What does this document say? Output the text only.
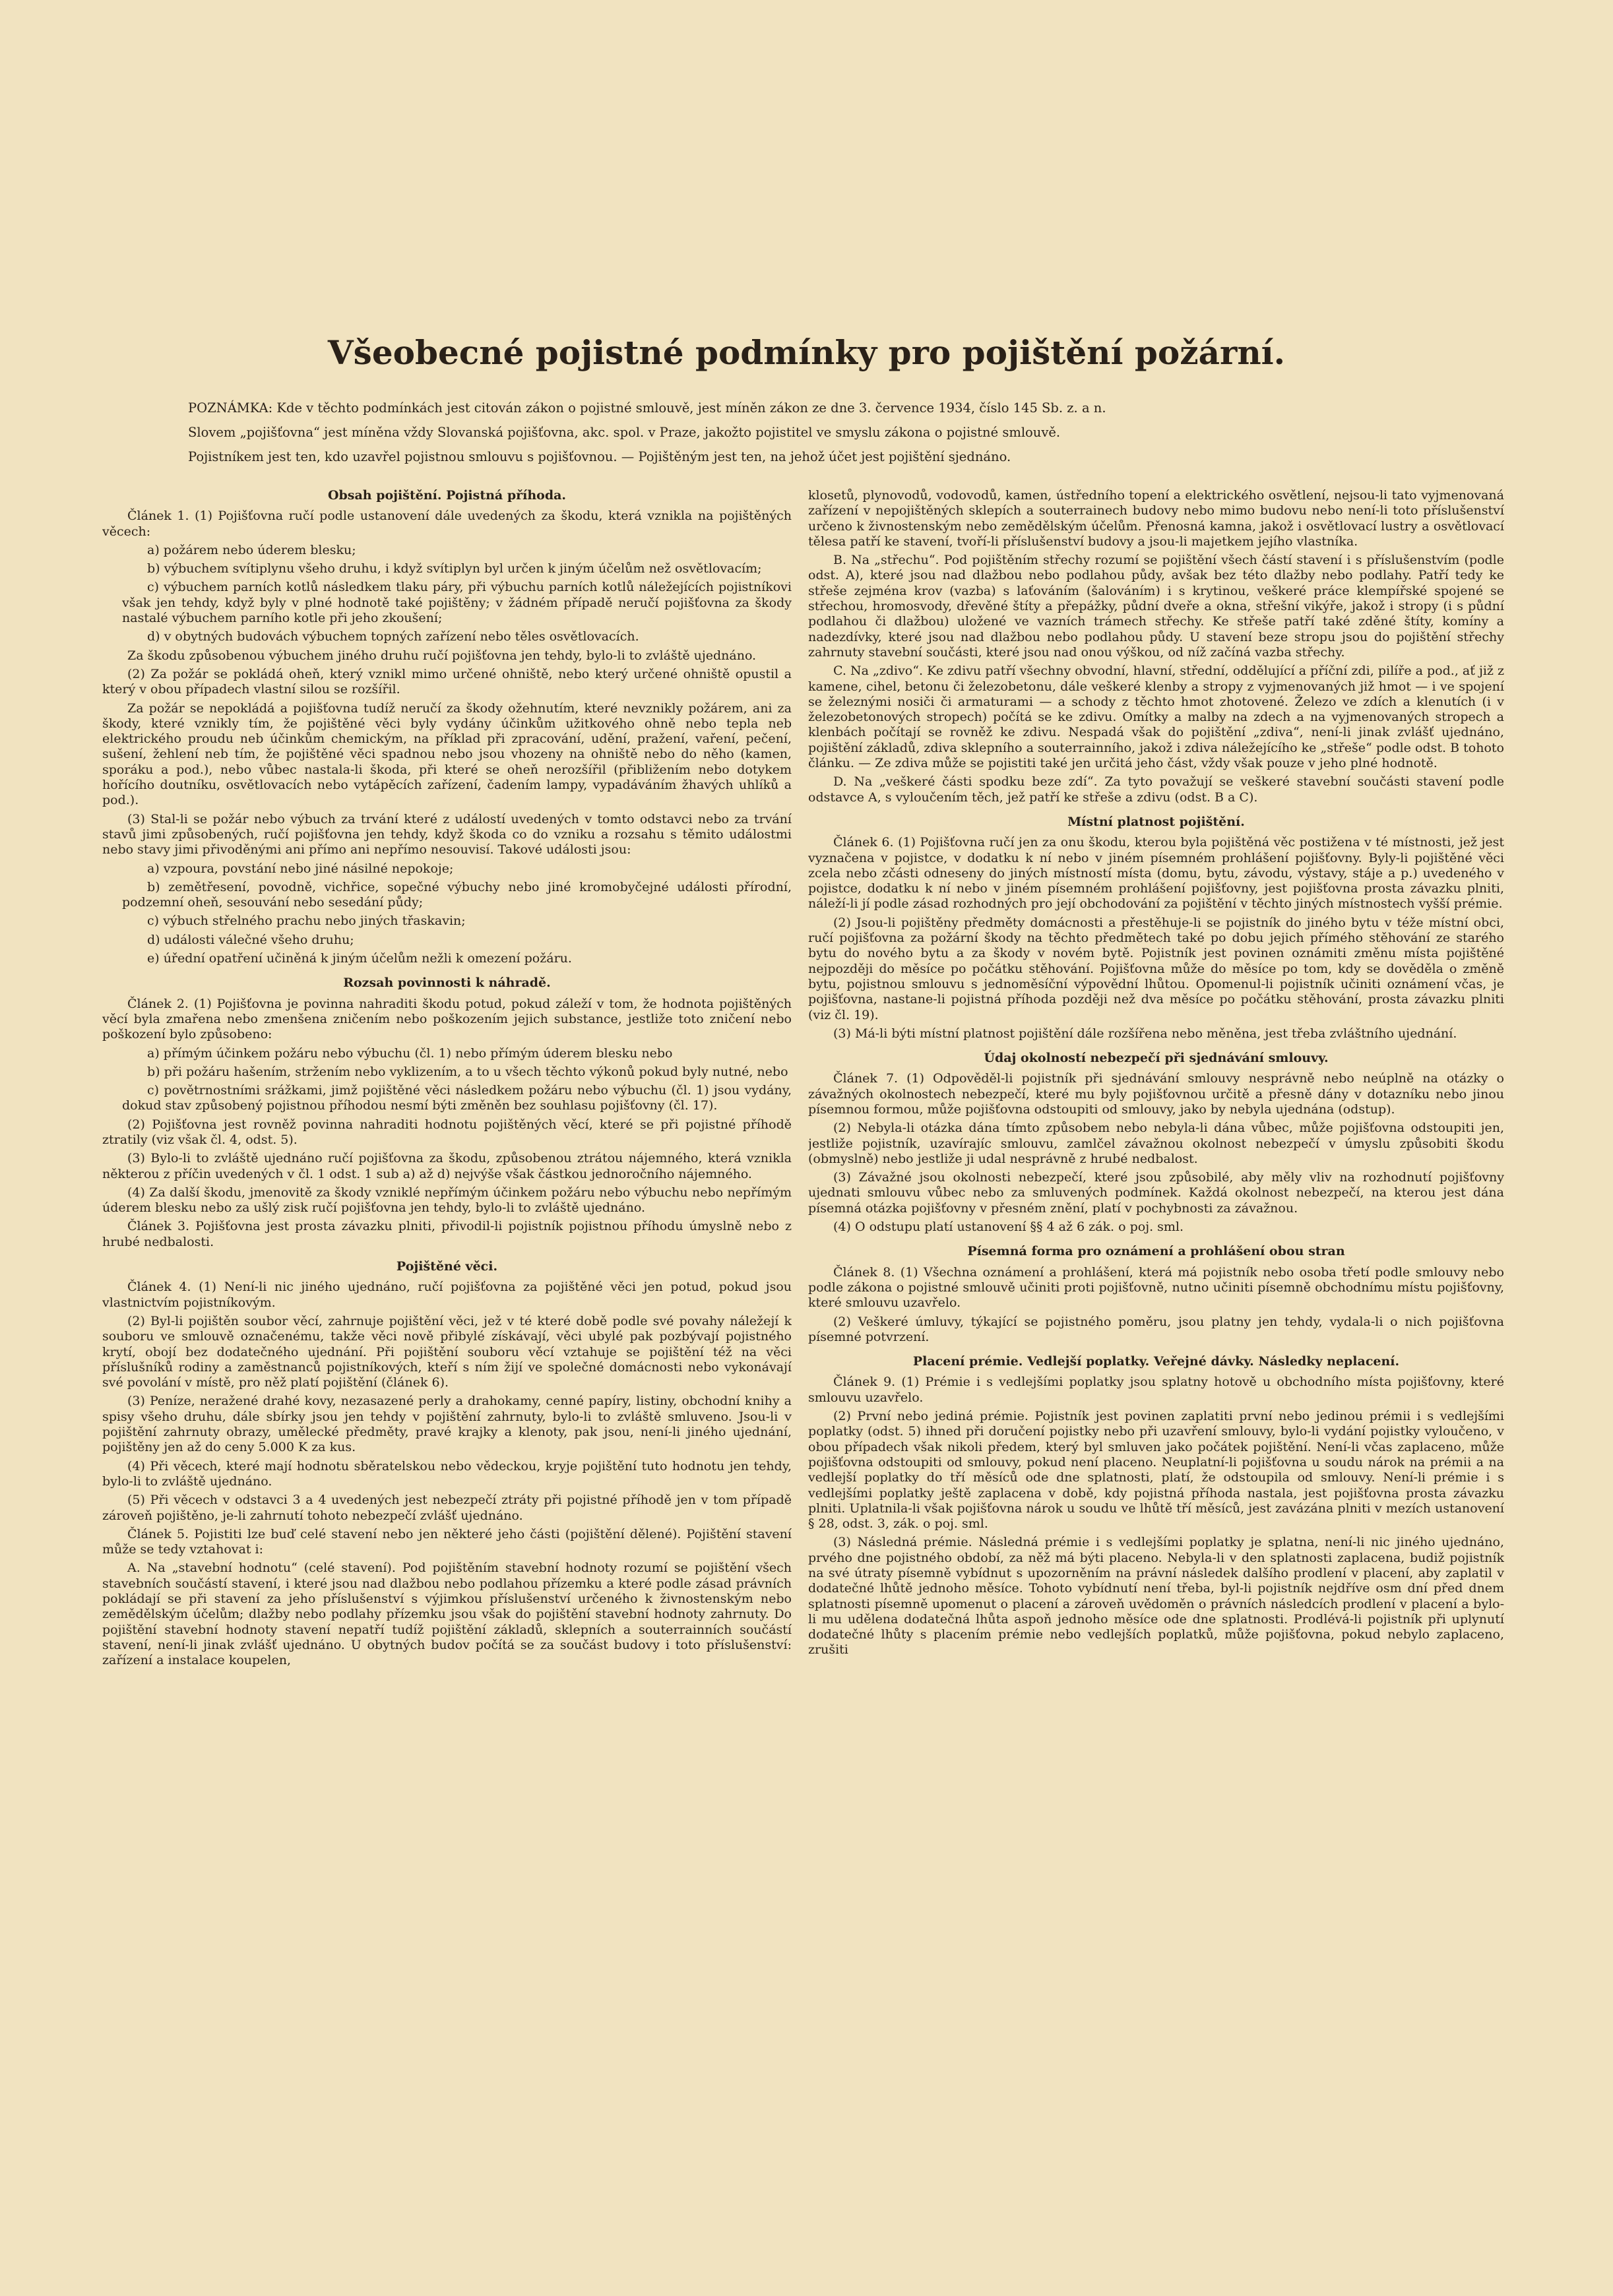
Všeobecné pojistné podmínky pro pojištění požární.
POZNÁMKA: Kde v těchto podmínkách jest citován zákon o pojistné smlouvě, jest míněn zákon ze dne 3. července 1934, číslo 145 Sb. z. a n.
Slovem „pojišťovna“ jest míněna vždy Slovanská pojišťovna, akc. spol. v Praze, jakožto pojistitel ve smyslu zákona o pojistné smlouvě.
Pojistníkem jest ten, kdo uzavřel pojistnou smlouvu s pojišťovnou. — Pojištěným jest ten, na jehož účet jest pojištění sjednáno.
Obsah pojištění. Pojistná příhoda.
Článek 1. (1) Pojišťovna ručí podle ustanovení dále uvedených za škodu, která vznikla na pojištěných věcech:
a) požárem nebo úderem blesku;
b) výbuchem svítiplynu všeho druhu, i když svítiplyn byl určen k jiným účelům než osvětlovacím;
c) výbuchem parních kotlů následkem tlaku páry, při výbuchu parních kotlů náležejících pojistníkovi však jen tehdy, když byly v plné hodnotě také pojištěny; v žádném případě neručí pojišťovna za škody nastalé výbuchem parního kotle při jeho zkoušení;
d) v obytných budovách výbuchem topných zařízení nebo těles osvětlovacích.
Za škodu způsobenou výbuchem jiného druhu ručí pojišťovna jen tehdy, bylo-li to zvláště ujednáno.
(2) Za požár se pokládá oheň, který vznikl mimo určené ohniště, nebo který určené ohniště opustil a který v obou případech vlastní silou se rozšířil.
Za požár se nepokládá a pojišťovna tudíž neručí za škody ožehnutím, které nevznikly požárem, ani za škody, které vznikly tím, že pojištěné věci byly vydány účinkům užitkového ohně nebo tepla neb elektrického proudu neb účinkům chemickým, na příklad při zpracování, udění, pražení, vaření, pečení, sušení, žehlení neb tím, že pojištěné věci spadnou nebo jsou vhozeny na ohniště nebo do něho (kamen, sporáku a pod.), nebo vůbec nastala-li škoda, při které se oheň nerozšířil (přibližením nebo dotykem hořícího doutníku, osvětlovacích nebo vytápěcích zařízení, čadením lampy, vypadáváním žhavých uhlíků a pod.).
(3) Stal-li se požár nebo výbuch za trvání které z událostí uvedených v tomto odstavci nebo za trvání stavů jimi způsobených, ručí pojišťovna jen tehdy, když škoda co do vzniku a rozsahu s těmito událostmi nebo stavy jimi přivoděnými ani přímo ani nepřímo nesouvisí. Takové události jsou:
a) vzpoura, povstání nebo jiné násilné nepokoje;
b) zemětřesení, povodně, vichřice, sopečné výbuchy nebo jiné kromobyčejné události přírodní, podzemní oheň, sesouvání nebo sesedání půdy;
c) výbuch střelného prachu nebo jiných třaskavin;
d) události válečné všeho druhu;
e) úřední opatření učiněná k jiným účelům nežli k omezení požáru.
Rozsah povinnosti k náhradě.
Článek 2. (1) Pojišťovna je povinna nahraditi škodu potud, pokud záleží v tom, že hodnota pojištěných věcí byla zmařena nebo zmenšena zničením nebo poškozením jejich substance, jestliže toto zničení nebo poškození bylo způsobeno:
a) přímým účinkem požáru nebo výbuchu (čl. 1) nebo přímým úderem blesku nebo
b) při požáru hašením, stržením nebo vyklizením, a to u všech těchto výkonů pokud byly nutné, nebo
c) povětrnostními srážkami, jimž pojištěné věci následkem požáru nebo výbuchu (čl. 1) jsou vydány, dokud stav způsobený pojistnou příhodou nesmí býti změněn bez souhlasu pojišťovny (čl. 17).
(2) Pojišťovna jest rovněž povinna nahraditi hodnotu pojištěných věcí, které se při pojistné příhodě ztratily (viz však čl. 4, odst. 5).
(3) Bylo-li to zvláště ujednáno ručí pojišťovna za škodu, způsobenou ztrátou nájemného, která vznikla některou z příčin uvedených v čl. 1 odst. 1 sub a) až d) nejvýše však částkou jednoročního nájemného.
(4) Za další škodu, jmenovitě za škody vzniklé nepřímým účinkem požáru nebo výbuchu nebo nepřímým úderem blesku nebo za ušlý zisk ručí pojišťovna jen tehdy, bylo-li to zvláště ujednáno.
Článek 3. Pojišťovna jest prosta závazku plniti, přivodil-li pojistník pojistnou příhodu úmyslně nebo z hrubé nedbalosti.
Pojištěné věci.
Článek 4. (1) Není-li nic jiného ujednáno, ručí pojišťovna za pojištěné věci jen potud, pokud jsou vlastnictvím pojistníkovým.
(2) Byl-li pojištěn soubor věcí, zahrnuje pojištění věci, jež v té které době podle své povahy náležejí k souboru ve smlouvě označenému, takže věci nově přibylé získávají, věci ubylé pak pozbývají pojistného krytí, obojí bez dodatečného ujednání. Při pojištění souboru věcí vztahuje se pojištění též na věci příslušníků rodiny a zaměstnanců pojistníkových, kteří s ním žijí ve společné domácnosti nebo vykonávají své povolání v místě, pro něž platí pojištění (článek 6).
(3) Peníze, neražené drahé kovy, nezasazené perly a drahokamy, cenné papíry, listiny, obchodní knihy a spisy všeho druhu, dále sbírky jsou jen tehdy v pojištění zahrnuty, bylo-li to zvláště smluveno. Jsou-li v pojištění zahrnuty obrazy, umělecké předměty, pravé krajky a klenoty, pak jsou, není-li jiného ujednání, pojištěny jen až do ceny 5.000 K za kus.
(4) Při věcech, které mají hodnotu sběratelskou nebo vědeckou, kryje pojištění tuto hodnotu jen tehdy, bylo-li to zvláště ujednáno.
(5) Při věcech v odstavci 3 a 4 uvedených jest nebezpečí ztráty při pojistné příhodě jen v tom případě zároveň pojištěno, je-li zahrnutí tohoto nebezpečí zvlášť ujednáno.
Článek 5. Pojistiti lze buď celé stavení nebo jen některé jeho části (pojištění dělené). Pojištění stavení může se tedy vztahovat i:
A. Na „stavební hodnotu“ (celé stavení). Pod pojištěním stavební hodnoty rozumí se pojištění všech stavebních součástí stavení, i které jsou nad dlažbou nebo podlahou přízemku a které podle zásad právních pokládají se při stavení za jeho příslušenství s výjimkou příslušenství určeného k živnostenským nebo zemědělským účelům; dlažby nebo podlahy přízemku jsou však do pojištění stavební hodnoty zahrnuty. Do pojištění stavební hodnoty stavení nepatří tudíž pojištění základů, sklepních a souterrainních součástí stavení, není-li jinak zvlášť ujednáno. U obytných budov počítá se za součást budovy i toto příslušenství: zařízení a instalace koupelen,
klosetů, plynovodů, vodovodů, kamen, ústředního topení a elektrického osvětlení, nejsou-li tato vyjmenovaná zařízení v nepojištěných sklepích a souterrainech budovy nebo mimo budovu nebo není-li toto příslušenství určeno k živnostenským nebo zemědělským účelům. Přenosná kamna, jakož i osvětlovací lustry a osvětlovací tělesa patří ke stavení, tvoří-li příslušenství budovy a jsou-li majetkem jejího vlastníka.
B. Na „střechu“. Pod pojištěním střechy rozumí se pojištění všech částí stavení i s příslušenstvím (podle odst. A), které jsou nad dlažbou nebo podlahou půdy, avšak bez této dlažby nebo podlahy. Patří tedy ke střeše zejména krov (vazba) s laťováním (šalováním) i s krytinou, veškeré práce klempířské spojené se střechou, hromosvody, dřevěné štíty a přepážky, půdní dveře a okna, střešní vikýře, jakož i stropy (i s půdní podlahou či dlažbou) uložené ve vazních trámech střechy. Ke střeše patří také zděné štíty, komíny a nadezdívky, které jsou nad dlažbou nebo podlahou půdy. U stavení beze stropu jsou do pojištění střechy zahrnuty stavební součásti, které jsou nad onou výškou, od níž začíná vazba střechy.
C. Na „zdivo“. Ke zdivu patří všechny obvodní, hlavní, střední, oddělující a příční zdi, pilíře a pod., ať již z kamene, cihel, betonu či železobetonu, dále veškeré klenby a stropy z vyjmenovaných již hmot — i ve spojení se železnými nosiči či armaturami — a schody z těchto hmot zhotovené. Železo ve zdích a klenutích (i v železobetonových stropech) počítá se ke zdivu. Omítky a malby na zdech a na vyjmenovaných stropech a klenbách počítají se rovněž ke zdivu. Nespadá však do pojištění „zdiva“, není-li jinak zvlášť ujednáno, pojištění základů, zdiva sklepního a souterrainního, jakož i zdiva náležejícího ke „střeše“ podle odst. B tohoto článku. — Ze zdiva může se pojistiti také jen určitá jeho část, vždy však pouze v jeho plné hodnotě.
D. Na „veškeré části spodku beze zdí“. Za tyto považují se veškeré stavební součásti stavení podle odstavce A, s vyloučením těch, jež patří ke střeše a zdivu (odst. B a C).
Místní platnost pojištění.
Článek 6. (1) Pojišťovna ručí jen za onu škodu, kterou byla pojištěná věc postižena v té místnosti, jež jest vyznačena v pojistce, v dodatku k ní nebo v jiném písemném prohlášení pojišťovny. Byly-li pojištěné věci zcela nebo zčásti odneseny do jiných místností místa (domu, bytu, závodu, výstavy, stáje a p.) uvedeného v pojistce, dodatku k ní nebo v jiném písemném prohlášení pojišťovny, jest pojišťovna prosta závazku plniti, náleží-li jí podle zásad rozhodných pro její obchodování za pojištění v těchto jiných místnostech vyšší prémie.
(2) Jsou-li pojištěny předměty domácnosti a přestěhuje-li se pojistník do jiného bytu v téže místní obci, ručí pojišťovna za požární škody na těchto předmětech také po dobu jejich přímého stěhování ze starého bytu do nového bytu a za škody v novém bytě. Pojistník jest povinen oznámiti změnu místa pojištěné nejpozději do měsíce po počátku stěhování. Pojišťovna může do měsíce po tom, kdy se dověděla o změně bytu, pojistnou smlouvu s jednoměsíční výpovědní lhůtou. Opomenul-li pojistník učiniti oznámení včas, je pojišťovna, nastane-li pojistná příhoda později než dva měsíce po počátku stěhování, prosta závazku plniti (viz čl. 19).
(3) Má-li býti místní platnost pojištění dále rozšířena nebo měněna, jest třeba zvláštního ujednání.
Údaj okolností nebezpečí při sjednávání smlouvy.
Článek 7. (1) Odpověděl-li pojistník při sjednávání smlouvy nesprávně nebo neúplně na otázky o závažných okolnostech nebezpečí, které mu byly pojišťovnou určitě a přesně dány v dotazníku nebo jinou písemnou formou, může pojišťovna odstoupiti od smlouvy, jako by nebyla ujednána (odstup).
(2) Nebyla-li otázka dána tímto způsobem nebo nebyla-li dána vůbec, může pojišťovna odstoupiti jen, jestliže pojistník, uzavírajíc smlouvu, zamlčel závažnou okolnost nebezpečí v úmyslu způsobiti škodu (obmyslně) nebo jestliže ji udal nesprávně z hrubé nedbalost.
(3) Závažné jsou okolnosti nebezpečí, které jsou způsobilé, aby měly vliv na rozhodnutí pojišťovny ujednati smlouvu vůbec nebo za smluvených podmínek. Každá okolnost nebezpečí, na kterou jest dána písemná otázka pojišťovny v přesném znění, platí v pochybnosti za závažnou.
(4) O odstupu platí ustanovení §§ 4 až 6 zák. o poj. sml.
Písemná forma pro oznámení a prohlášení obou stran
Článek 8. (1) Všechna oznámení a prohlášení, která má pojistník nebo osoba třetí podle smlouvy nebo podle zákona o pojistné smlouvě učiniti proti pojišťovně, nutno učiniti písemně obchodnímu místu pojišťovny, které smlouvu uzavřelo.
(2) Veškeré úmluvy, týkající se pojistného poměru, jsou platny jen tehdy, vydala-li o nich pojišťovna písemné potvrzení.
Placení prémie. Vedlejší poplatky. Veřejné dávky. Následky neplacení.
Článek 9. (1) Prémie i s vedlejšími poplatky jsou splatny hotově u obchodního místa pojišťovny, které smlouvu uzavřelo.
(2) První nebo jediná prémie. Pojistník jest povinen zaplatiti první nebo jedinou prémii i s vedlejšími poplatky (odst. 5) ihned při doručení pojistky nebo při uzavření smlouvy, bylo-li vydání pojistky vyloučeno, v obou případech však nikoli předem, který byl smluven jako počátek pojištění. Není-li včas zaplaceno, může pojišťovna odstoupiti od smlouvy, pokud není placeno. Neuplatní-li pojišťovna u soudu nárok na prémii a na vedlejší poplatky do tří měsíců ode dne splatnosti, platí, že odstoupila od smlouvy. Není-li prémie i s vedlejšími poplatky ještě zaplacena v době, kdy pojistná příhoda nastala, jest pojišťovna prosta závazku plniti. Uplatnila-li však pojišťovna nárok u soudu ve lhůtě tří měsíců, jest zavázána plniti v mezích ustanovení § 28, odst. 3, zák. o poj. sml.
(3) Následná prémie. Následná prémie i s vedlejšími poplatky je splatna, není-li nic jiného ujednáno, prvého dne pojistného období, za něž má býti placeno. Nebyla-li v den splatnosti zaplacena, budiž pojistník na své útraty písemně vybídnut s upozorněním na právní následek dalšího prodlení v placení, aby zaplatil v dodatečné lhůtě jednoho měsíce. Tohoto vybídnutí není třeba, byl-li pojistník nejdříve osm dní před dnem splatnosti písemně upomenut o placení a zároveň uvědoměn o právních následcích prodlení v placení a bylo-li mu udělena dodatečná lhůta aspoň jednoho měsíce ode dne splatnosti. Prodlévá-li pojistník při uplynutí dodatečné lhůty s placením prémie nebo vedlejších poplatků, může pojišťovna, pokud nebylo zaplaceno, zrušiti
